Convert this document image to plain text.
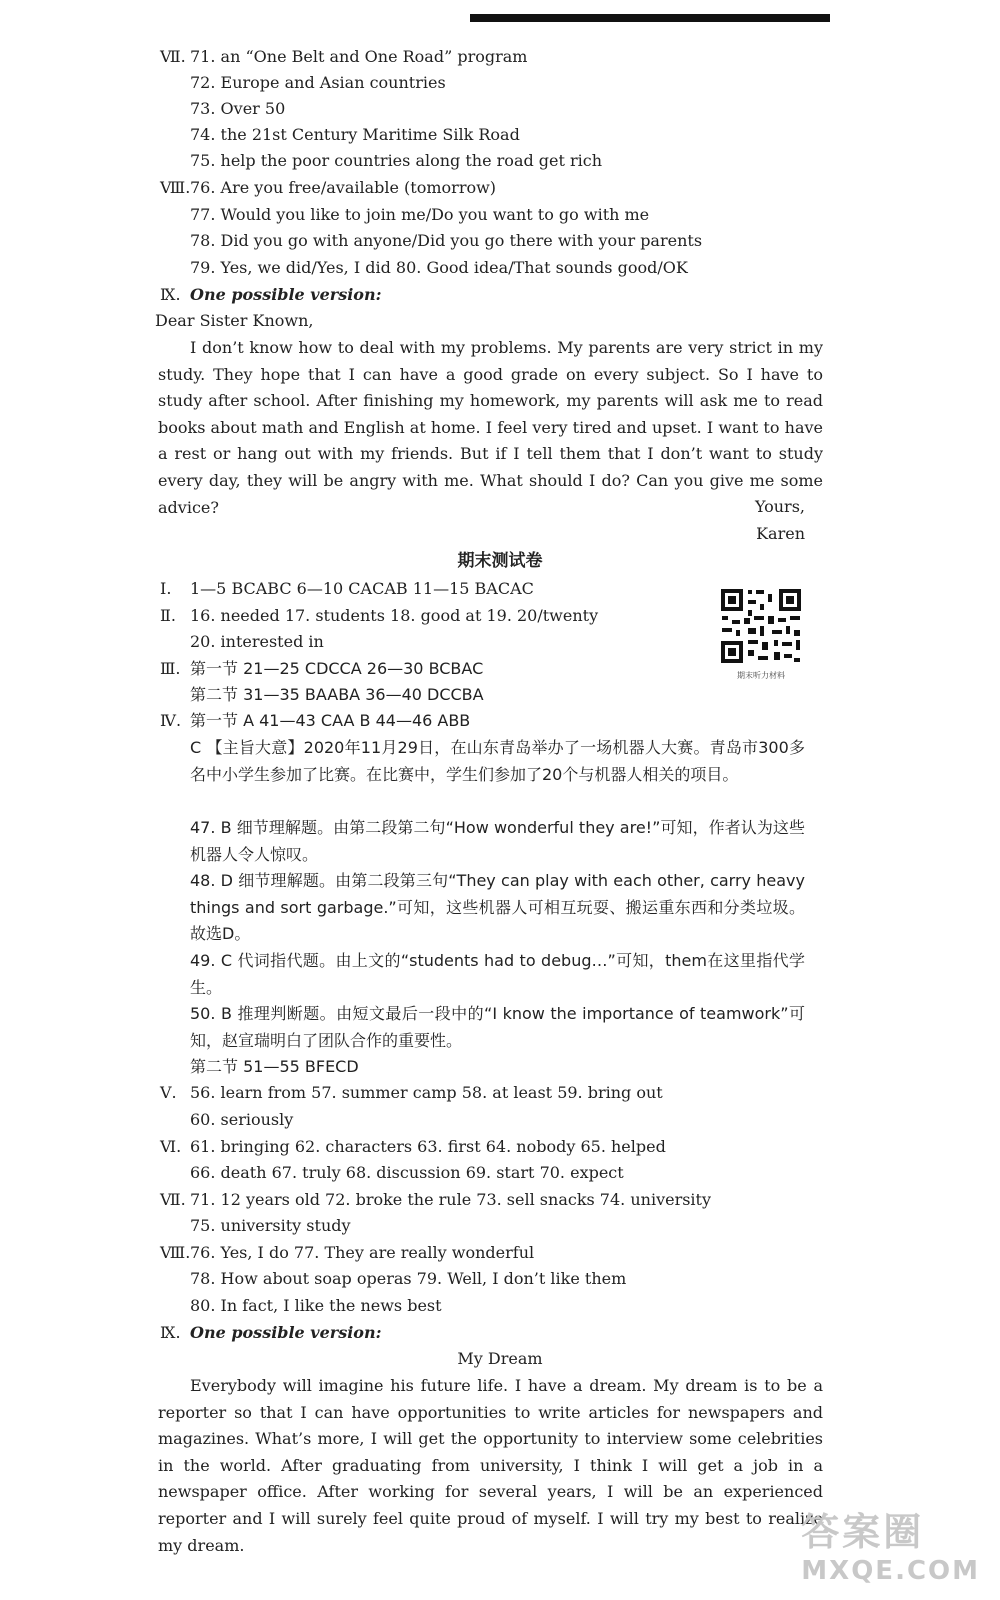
Ⅶ. 71. an “One Belt and One Road” program
72. Europe and Asian countries
73. Over 50
74. the 21st Century Maritime Silk Road
75. help the poor countries along the road get rich
Ⅷ. 76. Are you free/available (tomorrow)
77. Would you like to join me/Do you want to go with me
78. Did you go with anyone/Did you go there with your parents
79. Yes, we did/Yes, I did 80. Good idea/That sounds good/OK
Ⅸ. One possible version:
Dear Sister Known,
I don’t know how to deal with my problems. My parents are very strict in my study. They hope that I can have a good grade on every subject. So I have to study after school. After finishing my homework, my parents will ask me to read books about math and English at home. I feel very tired and upset. I want to have a rest or hang out with my friends. But if I tell them that I don’t want to study every day, they will be angry with me. What should I do? Can you give me some advice?	Yours,
Karen
期末测试卷
期末听力材料
Ⅰ. 1—5 BCABC 6—10 CACAB 11—15 BACAC
Ⅱ. 16. needed 17. students 18. good at 19. 20/twenty
20. interested in
Ⅲ. 第一节 21—25 CDCCA 26—30 BCBAC
第二节 31—35 BAABA 36—40 DCCBA
Ⅳ. 第一节 A 41—43 CAA B 44—46 ABB
C 【主旨大意】2020年11月29日，在山东青岛举办了一场机器人大赛。青岛市300多名中小学生参加了比赛。在比赛中，学生们参加了20个与机器人相关的项目。
47. B 细节理解题。由第二段第二句“How wonderful they are!”可知，作者认为这些机器人令人惊叹。
48. D 细节理解题。由第二段第三句“They can play with each other, carry heavy things and sort garbage.”可知，这些机器人可相互玩耍、搬运重东西和分类垃圾。故选D。
49. C 代词指代题。由上文的“students had to debug…”可知，them在这里指代学生。
50. B 推理判断题。由短文最后一段中的“I know the importance of teamwork”可知，赵宣瑞明白了团队合作的重要性。
第二节 51—55 BFECD
Ⅴ. 56. learn from 57. summer camp 58. at least 59. bring out
60. seriously
Ⅵ. 61. bringing 62. characters 63. first 64. nobody 65. helped
66. death 67. truly 68. discussion 69. start 70. expect
Ⅶ. 71. 12 years old 72. broke the rule 73. sell snacks 74. university
75. university study
Ⅷ. 76. Yes, I do 77. They are really wonderful
78. How about soap operas 79. Well, I don’t like them
80. In fact, I like the news best
Ⅸ. One possible version:
My Dream
Everybody will imagine his future life. I have a dream. My dream is to be a reporter so that I can have opportunities to write articles for newspapers and magazines. What’s more, I will get the opportunity to interview some celebrities in the world. After graduating from university, I think I will get a job in a newspaper office. After working for several years, I will be an experienced reporter and I will surely feel quite proud of myself. I will try my best to realize my dream.	答案圈
MXQE.COM
